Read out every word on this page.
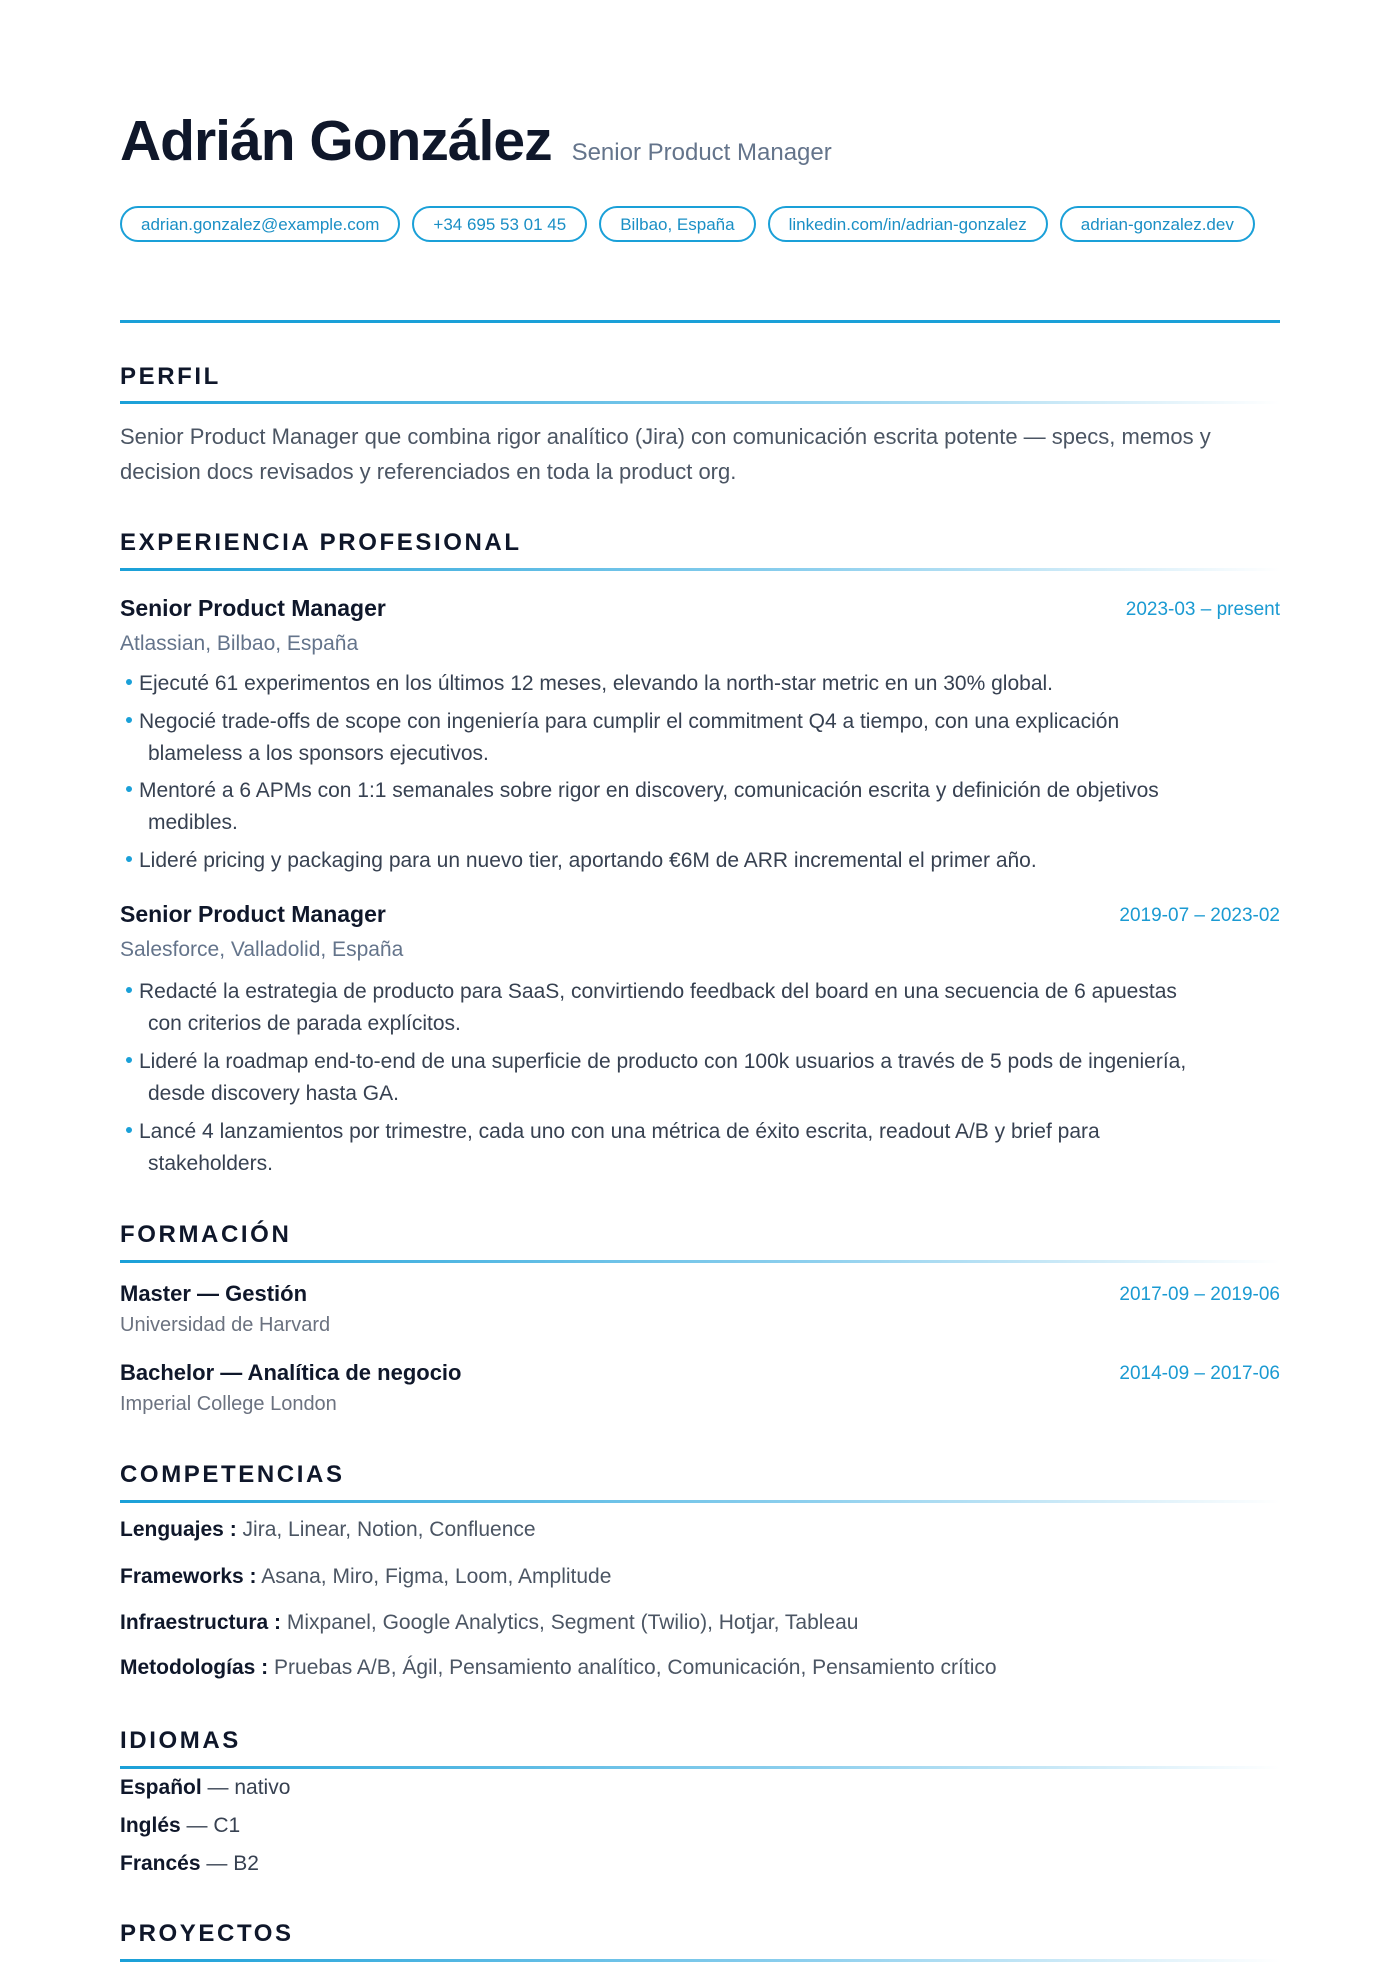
Adrián González Senior Product Manager
adrian.gonzalez@example.com	+34 695 53 01 45	Bilbao, España	linkedin.com/in/adrian-gonzalez	adrian-gonzalez.dev
PERFIL
Senior Product Manager que combina rigor analítico (Jira) con comunicación escrita potente — specs, memos y decision docs revisados y referenciados en toda la product org.
EXPERIENCIA PROFESIONAL
Senior Product Manager	2023-03 – present
Atlassian, Bilbao, España
Ejecuté 61 experimentos en los últimos 12 meses, elevando la north-star metric en un 30% global.
Negocié trade-offs de scope con ingeniería para cumplir el commitment Q4 a tiempo, con una explicación
blameless a los sponsors ejecutivos.
Mentoré a 6 APMs con 1:1 semanales sobre rigor en discovery, comunicación escrita y definición de objetivos
medibles.
Lideré pricing y packaging para un nuevo tier, aportando €6M de ARR incremental el primer año.
Senior Product Manager	2019-07 – 2023-02
Salesforce, Valladolid, España
Redacté la estrategia de producto para SaaS, convirtiendo feedback del board en una secuencia de 6 apuestas
con criterios de parada explícitos.
Lideré la roadmap end-to-end de una superficie de producto con 100k usuarios a través de 5 pods de ingeniería,
desde discovery hasta GA.
Lancé 4 lanzamientos por trimestre, cada uno con una métrica de éxito escrita, readout A/B y brief para
stakeholders.
FORMACIÓN
Master — Gestión	2017-09 – 2019-06
Universidad de Harvard
Bachelor — Analítica de negocio	2014-09 – 2017-06
Imperial College London
COMPETENCIAS
Lenguajes : Jira, Linear, Notion, Confluence
Frameworks : Asana, Miro, Figma, Loom, Amplitude
Infraestructura : Mixpanel, Google Analytics, Segment (Twilio), Hotjar, Tableau
Metodologías : Pruebas A/B, Ágil, Pensamiento analítico, Comunicación, Pensamiento crítico
IDIOMAS
Español — nativo
Inglés — C1
Francés — B2
PROYECTOS
